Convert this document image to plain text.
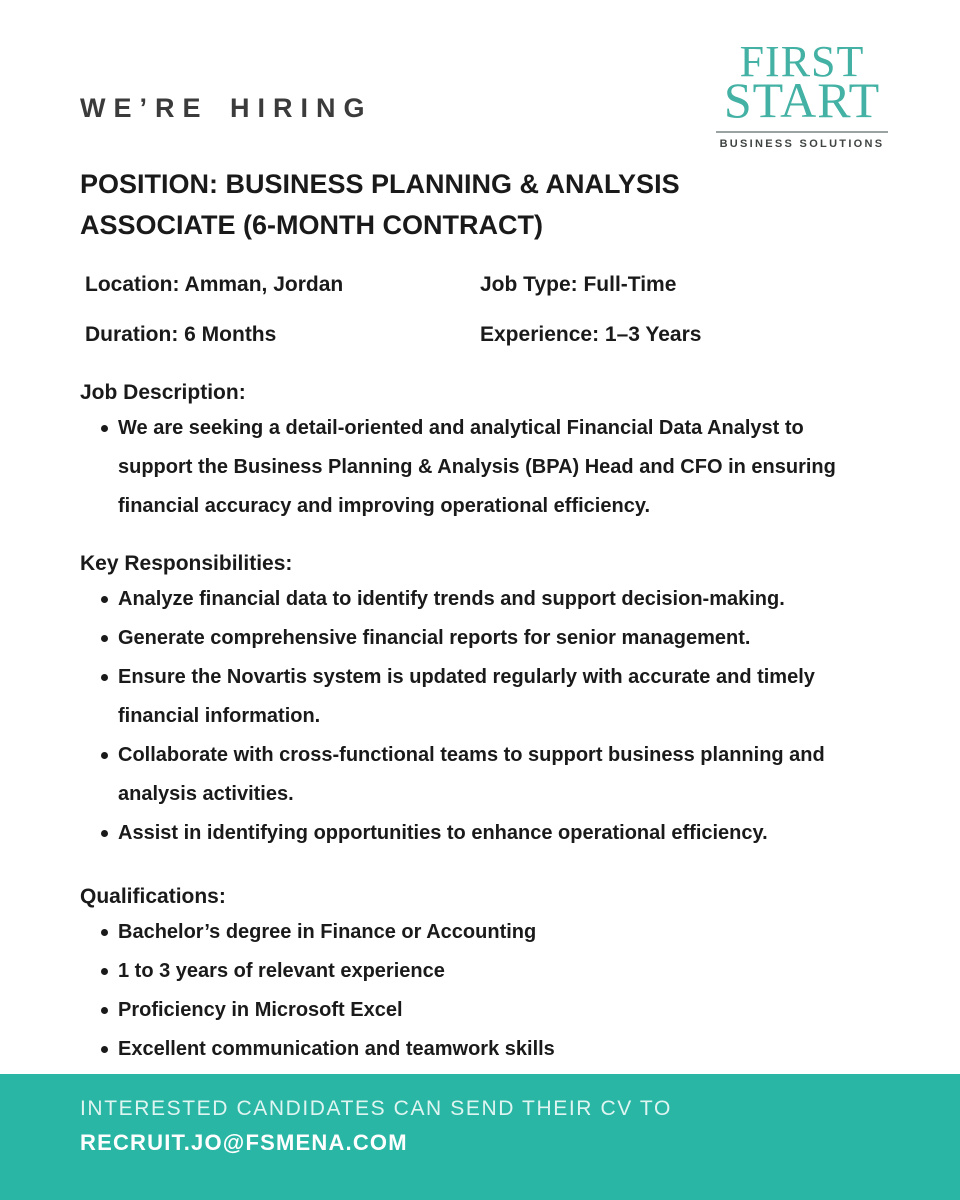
FIRST
START
BUSINESS SOLUTIONS
WE’RE HIRING
POSITION: BUSINESS PLANNING & ANALYSIS ASSOCIATE (6-MONTH CONTRACT)
Location: Amman, Jordan	Job Type: Full-Time
Duration: 6 Months	Experience: 1–3 Years
Job Description:
We are seeking a detail-oriented and analytical Financial Data Analyst to support the Business Planning & Analysis (BPA) Head and CFO in ensuring financial accuracy and improving operational efficiency.
Key Responsibilities:
Analyze financial data to identify trends and support decision-making.
Generate comprehensive financial reports for senior management.
Ensure the Novartis system is updated regularly with accurate and timely financial information.
Collaborate with cross-functional teams to support business planning and analysis activities.
Assist in identifying opportunities to enhance operational efficiency.
Qualifications:
Bachelor’s degree in Finance or Accounting
1 to 3 years of relevant experience
Proficiency in Microsoft Excel
Excellent communication and teamwork skills
INTERESTED CANDIDATES CAN SEND THEIR CV TO
RECRUIT.JO@FSMENA.COM
